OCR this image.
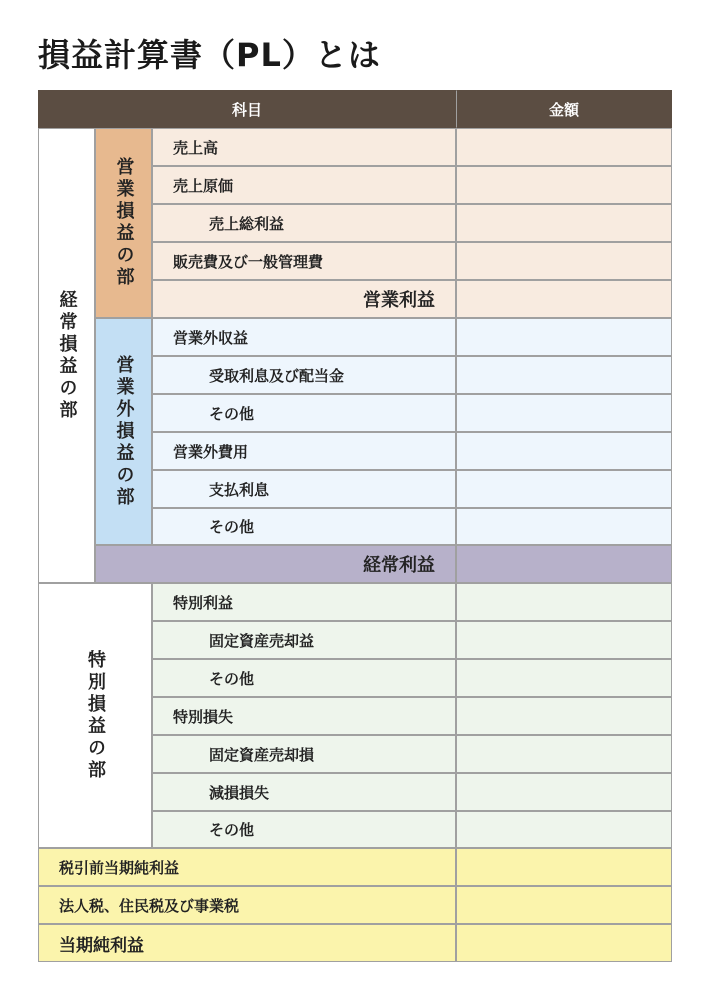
損益計算書（PL）とは
科目	金額
経常損益の部
営業損益の部
営業外損益の部
特別損益の部
売上高
売上原価
売上総利益
販売費及び一般管理費
営業利益
営業外収益
受取利息及び配当金
その他
営業外費用
支払利息
その他
経常利益
特別利益
固定資産売却益
その他
特別損失
固定資産売却損
減損損失
その他
税引前当期純利益
法人税、住民税及び事業税
当期純利益
